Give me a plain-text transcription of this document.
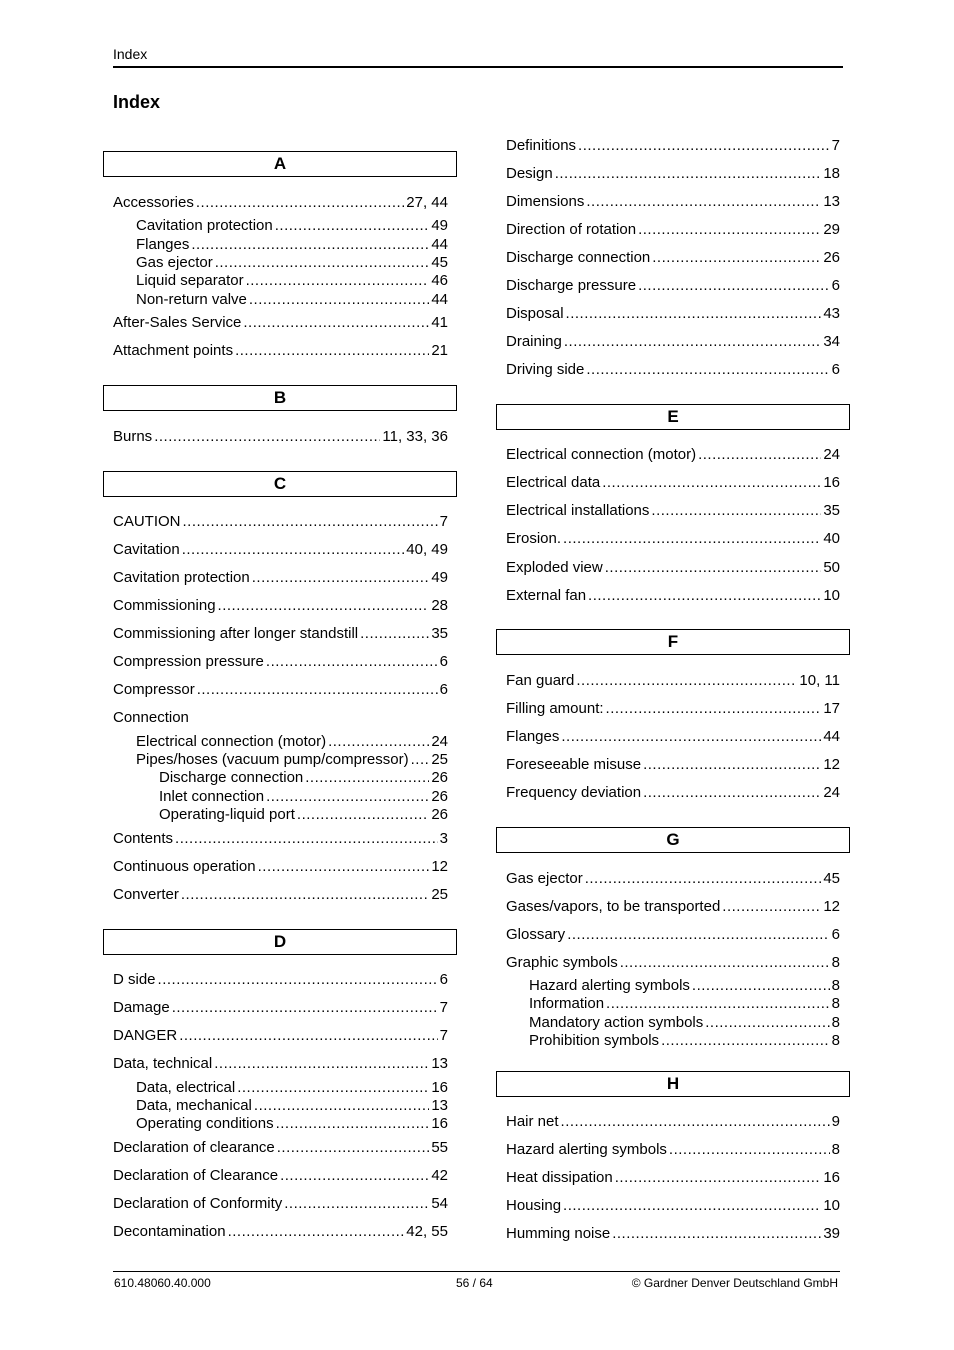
Index
Index
A
Accessories .....	27, 44
Cavitation protection .....	49
Flanges .....	44
Gas ejector .....	45
Liquid separator .....	46
Non-return valve .....	44
After-Sales Service .....	41
Attachment points .....	21
B
Burns .....	11, 33, 36
C
CAUTION .....	7
Cavitation .....	40, 49
Cavitation protection .....	49
Commissioning .....	28
Commissioning after longer standstill .....	35
Compression pressure .....	6
Compressor .....	6
Connection
Electrical connection (motor) .....	24
Pipes/hoses (vacuum pump/compressor) ..... 25
Discharge connection .....	26
Inlet connection .....	26
Operating-liquid port .....	26
Contents .....	3
Continuous operation .....	12
Converter .....	25
D
D side .....	6
Damage .....	7
DANGER .....	7
Data, technical .....	13
Data, electrical .....	16
Data, mechanical .....	13
Operating conditions .....	16
Declaration of clearance .....	55
Declaration of Clearance .....	42
Declaration of Conformity .....	54
Decontamination .....	42, 55
Definitions .....	7
Design .....	18
Dimensions .....	13
Direction of rotation .....	29
Discharge connection .....	26
Discharge pressure .....	6
Disposal .....	43
Draining .....	34
Driving side .....	6
E
Electrical connection (motor) .....	24
Electrical data .....	16
Electrical installations .....	35
Erosion. .....	40
Exploded view .....	50
External fan .....	10
F
Fan guard .....	10, 11
Filling amount: .....	17
Flanges .....	44
Foreseeable misuse .....	12
Frequency deviation .....	24
G
Gas ejector .....	45
Gases/vapors, to be transported .....	12
Glossary .....	6
Graphic symbols .....	8
Hazard alerting symbols .....	8
Information .....	8
Mandatory action symbols .....	8
Prohibition symbols .....	8
H
Hair net .....	9
Hazard alerting symbols .....	8
Heat dissipation .....	16
Housing .....	10
Humming noise .....	39
610.48060.40.000	56 / 64	© Gardner Denver Deutschland GmbH
